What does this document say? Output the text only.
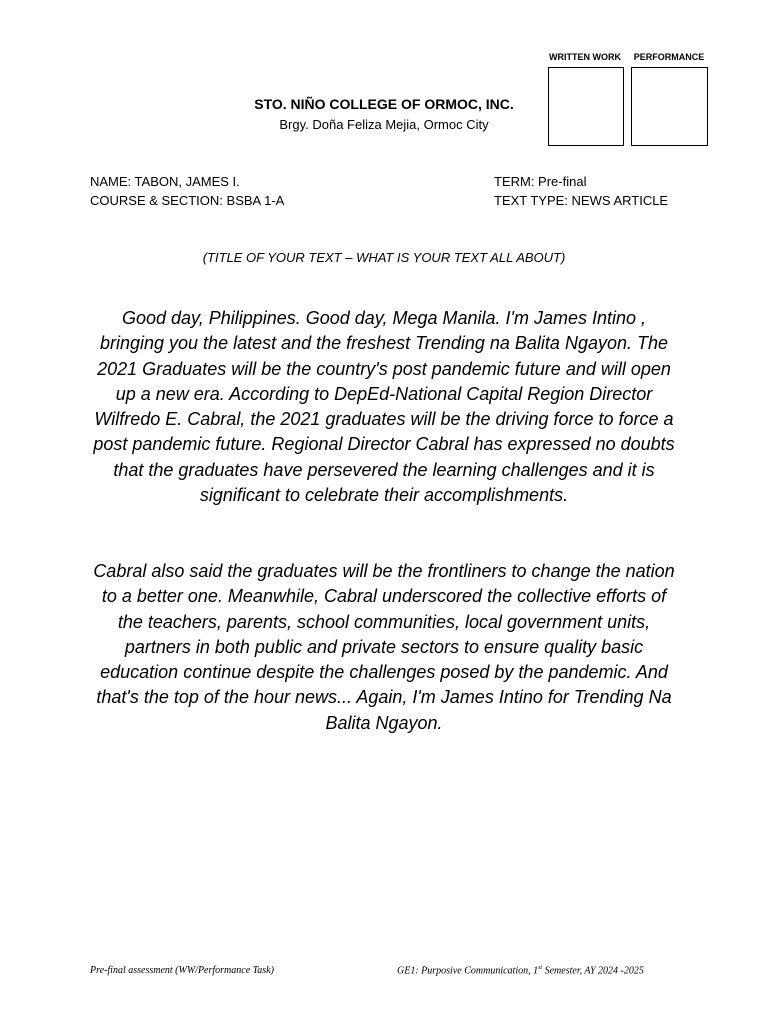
WRITTEN WORK	PERFORMANCE
STO. NIÑO COLLEGE OF ORMOC, INC.
Brgy. Doña Feliza Mejia, Ormoc City
NAME: TABON, JAMES I.
COURSE & SECTION: BSBA 1-A
TERM: Pre-final
TEXT TYPE: NEWS ARTICLE
(TITLE OF YOUR TEXT – WHAT IS YOUR TEXT ALL ABOUT)
Good day, Philippines. Good day, Mega Manila. I'm James Intino , bringing you the latest and the freshest Trending na Balita Ngayon. The 2021 Graduates will be the country's post pandemic future and will open up a new era. According to DepEd-National Capital Region Director Wilfredo E. Cabral, the 2021 graduates will be the driving force to force a post pandemic future. Regional Director Cabral has expressed no doubts that the graduates have persevered the learning challenges and it is significant to celebrate their accomplishments.
Cabral also said the graduates will be the frontliners to change the nation to a better one. Meanwhile, Cabral underscored the collective efforts of the teachers, parents, school communities, local government units, partners in both public and private sectors to ensure quality basic education continue despite the challenges posed by the pandemic. And that's the top of the hour news... Again, I'm James Intino for Trending Na Balita Ngayon.
Pre-final assessment (WW/Performance Task)	GE1: Purposive Communication, 1st Semester, AY 2024 -2025
